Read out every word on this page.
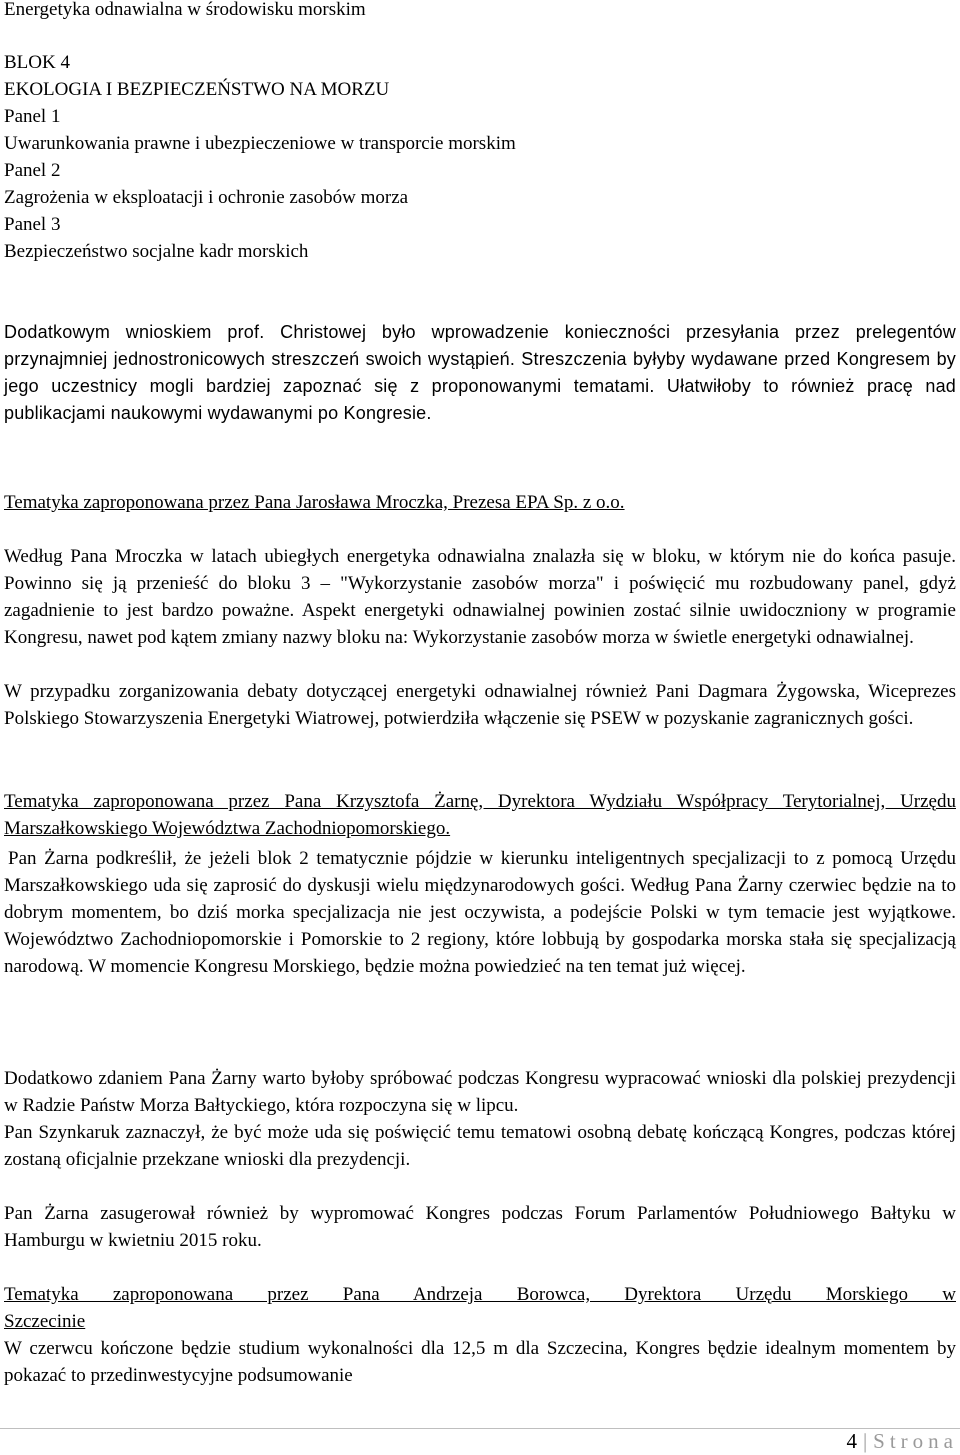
Energetyka odnawialna w środowisku morskim
BLOK 4
EKOLOGIA I BEZPIECZEŃSTWO NA MORZU
Panel 1
Uwarunkowania prawne i ubezpieczeniowe w transporcie morskim
Panel 2
Zagrożenia w eksploatacji i ochronie zasobów morza
Panel 3
Bezpieczeństwo socjalne kadr morskich
Dodatkowym wnioskiem prof. Christowej było wprowadzenie konieczności przesyłania przez prelegentów przynajmniej jednostronicowych streszczeń swoich wystąpień. Streszczenia byłyby wydawane przed Kongresem by jego uczestnicy mogli bardziej zapoznać się z proponowanymi tematami. Ułatwiłoby to również pracę nad publikacjami naukowymi wydawanymi po Kongresie.
Tematyka zaproponowana przez Pana Jarosława Mroczka, Prezesa EPA Sp. z o.o.
Według Pana Mroczka w latach ubiegłych energetyka odnawialna znalazła się w bloku, w którym nie do końca pasuje. Powinno się ją przenieść do bloku 3 – "Wykorzystanie zasobów morza" i poświęcić mu rozbudowany panel, gdyż zagadnienie to jest bardzo poważne. Aspekt energetyki odnawialnej powinien zostać silnie uwidoczniony w programie Kongresu, nawet pod kątem zmiany nazwy bloku na: Wykorzystanie zasobów morza w świetle energetyki odnawialnej.
W przypadku zorganizowania debaty dotyczącej energetyki odnawialnej również Pani Dagmara Żygowska, Wiceprezes Polskiego Stowarzyszenia Energetyki Wiatrowej, potwierdziła włączenie się PSEW w pozyskanie zagranicznych gości.
Tematyka zaproponowana przez Pana Krzysztofa Żarnę, Dyrektora Wydziału Współpracy Terytorialnej, Urzędu Marszałkowskiego Województwa Zachodniopomorskiego.
Pan Żarna podkreślił, że jeżeli blok 2 tematycznie pójdzie w kierunku inteligentnych specjalizacji to z pomocą Urzędu Marszałkowskiego uda się zaprosić do dyskusji wielu międzynarodowych gości. Według Pana Żarny czerwiec będzie na to dobrym momentem, bo dziś morka specjalizacja nie jest oczywista, a podejście Polski w tym temacie jest wyjątkowe. Województwo Zachodniopomorskie i Pomorskie to 2 regiony, które lobbują by gospodarka morska stała się specjalizacją narodową. W momencie Kongresu Morskiego, będzie można powiedzieć na ten temat już więcej.
Dodatkowo zdaniem Pana Żarny warto byłoby spróbować podczas Kongresu wypracować wnioski dla polskiej prezydencji w Radzie Państw Morza Bałtyckiego, która rozpoczyna się w lipcu.
Pan Szynkaruk zaznaczył, że być może uda się poświęcić temu tematowi osobną debatę kończącą Kongres, podczas której zostaną oficjalnie przekzane wnioski dla prezydencji.
Pan Żarna zasugerował również by wypromować Kongres podczas Forum Parlamentów Południowego Bałtyku w Hamburgu w kwietniu 2015 roku.
Tematyka zaproponowana przez Pana Andrzeja Borowca, Dyrektora Urzędu Morskiego w Szczecinie
W czerwcu kończone będzie studium wykonalności dla 12,5 m dla Szczecina, Kongres będzie idealnym momentem by pokazać to przedinwestycyjne podsumowanie
4 | Strona
